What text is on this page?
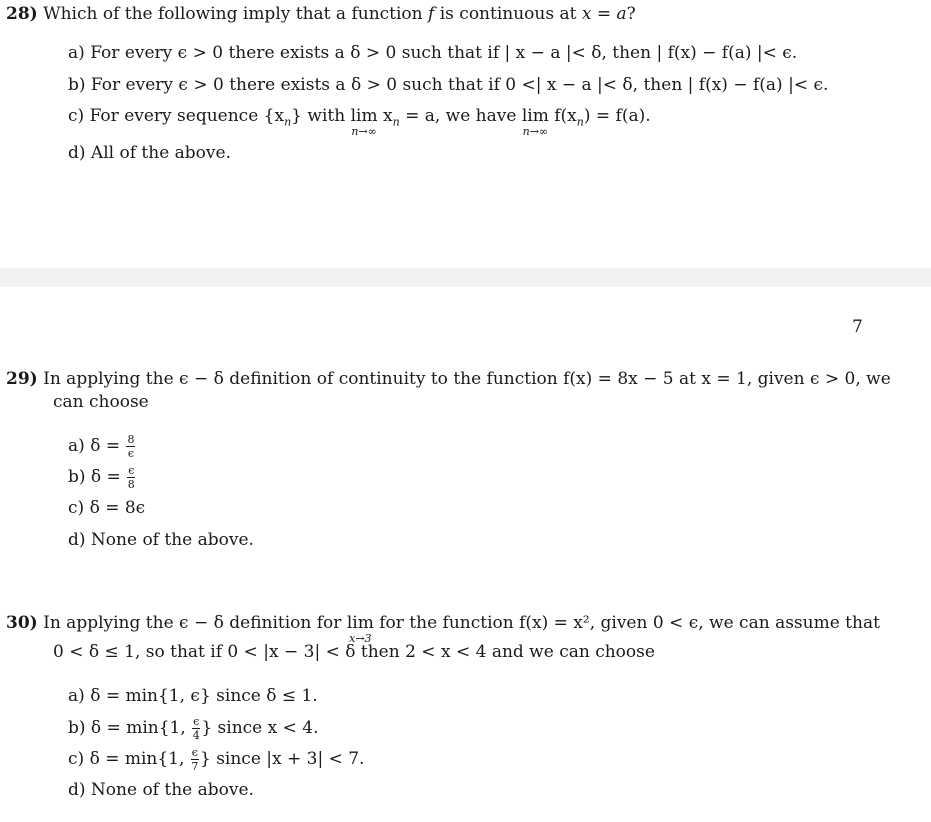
28) Which of the following imply that a function f is continuous at x = a?
a) For every ϵ > 0 there exists a δ > 0 such that if | x − a |< δ, then | f(x) − f(a) |< ϵ.
b) For every ϵ > 0 there exists a δ > 0 such that if 0 <| x − a |< δ, then | f(x) − f(a) |< ϵ.
c) For every sequence $\{x_n\}$ with lim
n→∞
$x_n = a$, we have lim
n→∞
$f(x_n) = f(a)$.
d) All of the above.
7
29) In applying the ϵ − δ definition of continuity to the function f(x) = 8x − 5 at x = 1, given ϵ > 0, we
can choose
a) $\delta = \frac{8}{\epsilon}$
b) $\delta = \frac{\epsilon}{8}$
c) δ = 8ϵ
d) None of the above.
30) In applying the ϵ − δ definition for lim
x→3
for the function f(x) = x², given 0 < ϵ, we can assume that
0 < δ ≤ 1, so that if 0 < |x − 3| < δ then 2 < x < 4 and we can choose
a) δ = min{1, ϵ} since δ ≤ 1.
b) δ = min{1, $\frac{\epsilon}{4}$ } since x < 4.
c) δ = min{1, $\frac{\epsilon}{7}$ } since |x + 3| < 7.
d) None of the above.
